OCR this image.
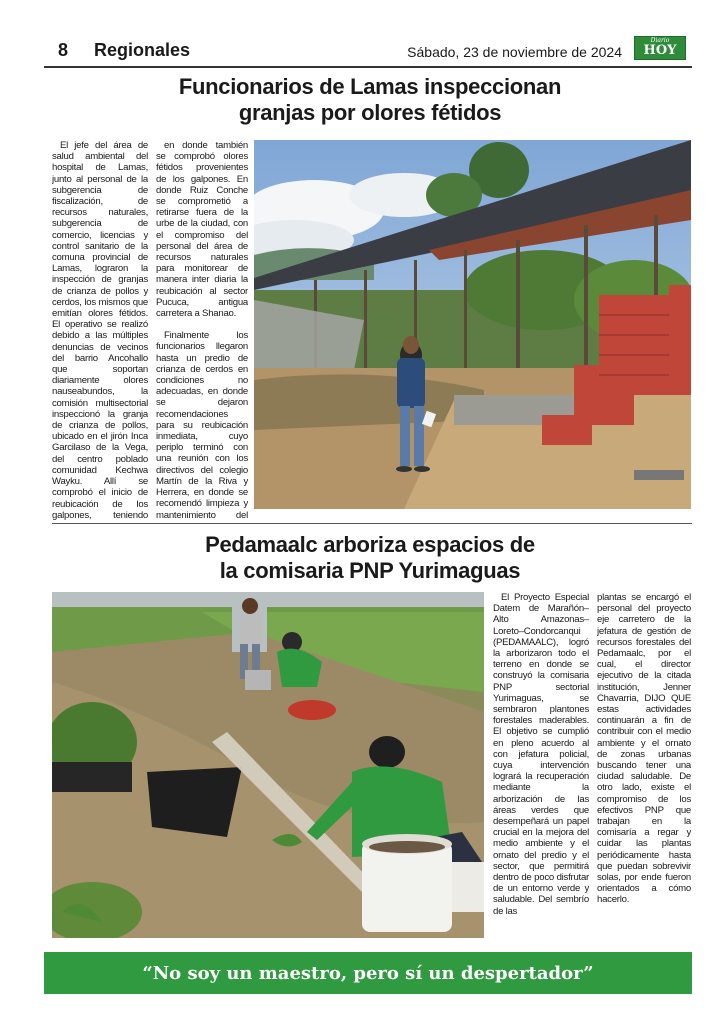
8 Regionales	Sábado, 23 de noviembre de 2024
Diario
HOY
Funcionarios de Lamas inspeccionan
granjas por olores fétidos

El jefe del área de salud ambiental del hospital de Lamas, junto al personal de la subgerencia de fiscalización, de recursos naturales, subgerencia de comercio, licencias y control sanitario de la comuna provincial de Lamas, lograron la inspección de granjas de crianza de pollos y cerdos, los mismos que emitían olores fétidos. El operativo se realizó debido a las múltiples denuncias de vecinos del barrio Ancohallo que soportan diariamente olores nauseabundos, la comisión multisectorial inspeccionó la granja de crianza de pollos, ubicado en el jirón Inca Garcilaso de la Vega, del centro poblado comunidad Kechwa Wayku. Allí se comprobó el inicio de reubicación de los galpones, teniendo

en donde también se comprobó olores fétidos provenientes de los galpones. En donde Ruiz Conche se comprometió a retirarse fuera de la urbe de la ciudad, con el compromiso del personal del área de recursos naturales para monitorear de manera inter diaria la reubicación al sector Pucuca, antigua carretera a Shanao.

Finalmente los funcionarios llegaron hasta un predio de crianza de cerdos en condiciones no adecuadas, en donde se dejaron recomendaciones para su reubicación inmediata, cuyo periplo terminó con una reunión con los directivos del colegio Martín de la Riva y Herrera, en donde se recomendó limpieza y mantenimiento del

Pedamaalc arboriza espacios de
la comisaria PNP Yurimaguas

El Proyecto Especial Datem de Marañón–Alto Amazonas–Loreto–Condorcanqui (PEDAMAALC), logró la arborizaron todo el terreno en donde se construyó la comisaria PNP sectorial Yurimaguas, se sembraron plantones forestales maderables. El objetivo se cumplió en pleno acuerdo al con jefatura policial, cuya intervención logrará la recuperación mediante la arborización de las áreas verdes que desempeñará un papel crucial en la mejora del medio ambiente y el ornato del predio y el sector, que permitirá dentro de poco disfrutar de un entorno verde y saludable. Del sembrío de las

plantas se encargó el personal del proyecto eje carretero de la jefatura de gestión de recursos forestales del Pedamaalc, por el cual, el director ejecutivo de la citada institución, Jenner Chavarria, DIJO QUE estas actividades continuarán a fin de contribuir con el medio ambiente y el ornato de zonas urbanas buscando tener una ciudad saludable. De otro lado, existe el compromiso de los efectivos PNP que trabajan en la comisaría a regar y cuidar las plantas periódicamente hasta que puedan sobrevivir solas, por ende fueron orientados a cómo hacerlo.

“No soy un maestro, pero sí un despertador”
